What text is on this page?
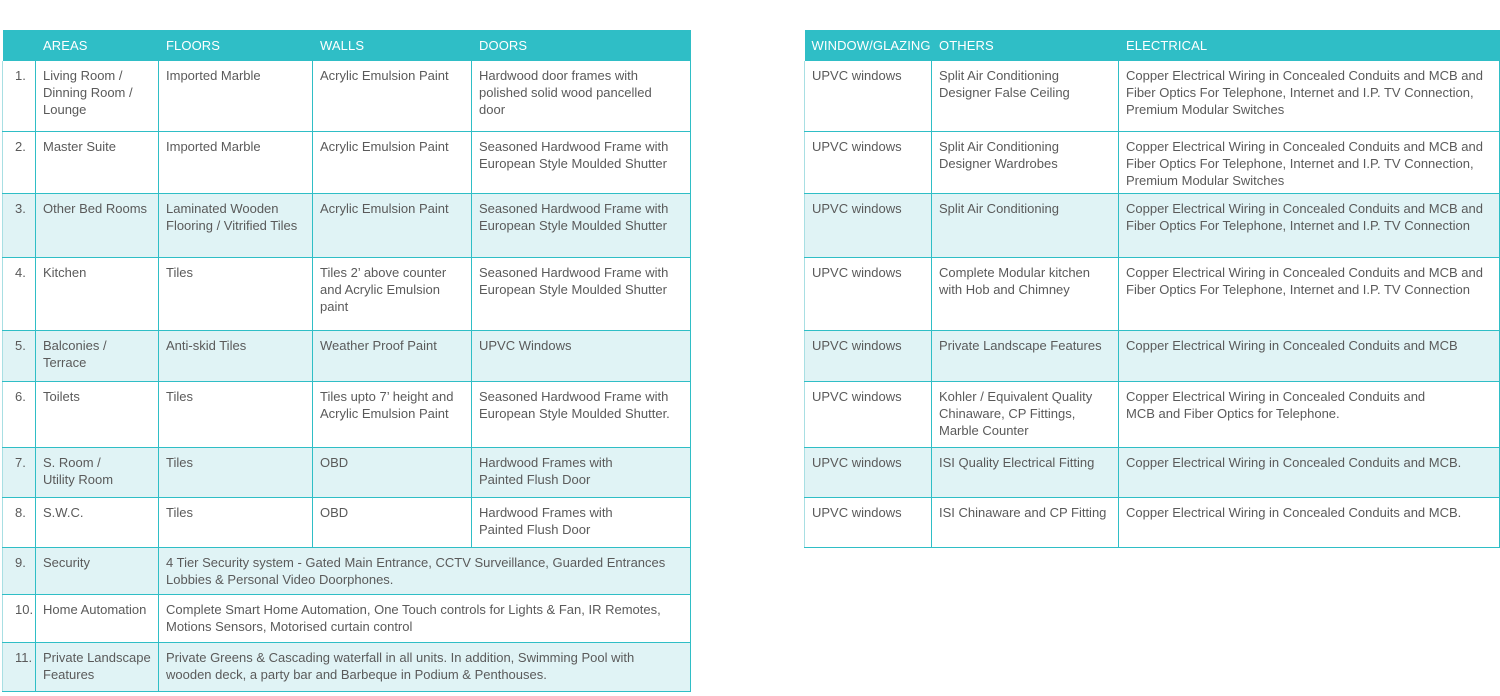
	AREAS	FLOORS	WALLS	DOORS
1.	Living Room /
Dinning Room /
Lounge	Imported Marble	Acrylic Emulsion Paint	Hardwood door frames with
polished solid wood pancelled
door

2.	Master Suite	Imported Marble	Acrylic Emulsion Paint	Seasoned Hardwood Frame with
European Style Moulded Shutter

3.	Other Bed Rooms	Laminated Wooden
Flooring / Vitrified Tiles	Acrylic Emulsion Paint	Seasoned Hardwood Frame with
European Style Moulded Shutter

4.	Kitchen	Tiles	Tiles 2’ above counter
and Acrylic Emulsion
paint	Seasoned Hardwood Frame with
European Style Moulded Shutter

5.	Balconies /
Terrace	Anti-skid Tiles	Weather Proof Paint	UPVC Windows

6.	Toilets	Tiles	Tiles upto 7’ height and
Acrylic Emulsion Paint	Seasoned Hardwood Frame with
European Style Moulded Shutter.

7.	S. Room /
Utility Room	Tiles	OBD	Hardwood Frames with
Painted Flush Door

8.	S.W.C.	Tiles	OBD	Hardwood Frames with
Painted Flush Door

9.	Security	4 Tier Security system - Gated Main Entrance, CCTV Surveillance, Guarded Entrances
Lobbies & Personal Video Doorphones.		

10.	Home Automation	Complete Smart Home Automation, One Touch controls for Lights & Fan, IR Remotes,
Motions Sensors, Motorised curtain control		

11.	Private Landscape
Features	Private Greens & Cascading waterfall in all units. In addition, Swimming Pool with
wooden deck, a party bar and Barbeque in Podium & Penthouses.		
WINDOW/GLAZING	OTHERS	ELECTRICAL

UPVC windows	Split Air Conditioning
Designer False Ceiling	Copper Electrical Wiring in Concealed Conduits and MCB and
Fiber Optics For Telephone, Internet and I.P. TV Connection,
Premium Modular Switches

UPVC windows	Split Air Conditioning
Designer Wardrobes	Copper Electrical Wiring in Concealed Conduits and MCB and
Fiber Optics For Telephone, Internet and I.P. TV Connection,
Premium Modular Switches

UPVC windows	Split Air Conditioning	Copper Electrical Wiring in Concealed Conduits and MCB and
Fiber Optics For Telephone, Internet and I.P. TV Connection

UPVC windows	Complete Modular kitchen
with Hob and Chimney	Copper Electrical Wiring in Concealed Conduits and MCB and
Fiber Optics For Telephone, Internet and I.P. TV Connection

UPVC windows	Private Landscape Features	Copper Electrical Wiring in Concealed Conduits and MCB

UPVC windows	Kohler / Equivalent Quality
Chinaware, CP Fittings,
Marble Counter	Copper Electrical Wiring in Concealed Conduits and
MCB and Fiber Optics for Telephone.

UPVC windows	ISI Quality Electrical Fitting	Copper Electrical Wiring in Concealed Conduits and MCB.

UPVC windows	ISI Chinaware and CP Fitting	Copper Electrical Wiring in Concealed Conduits and MCB.
